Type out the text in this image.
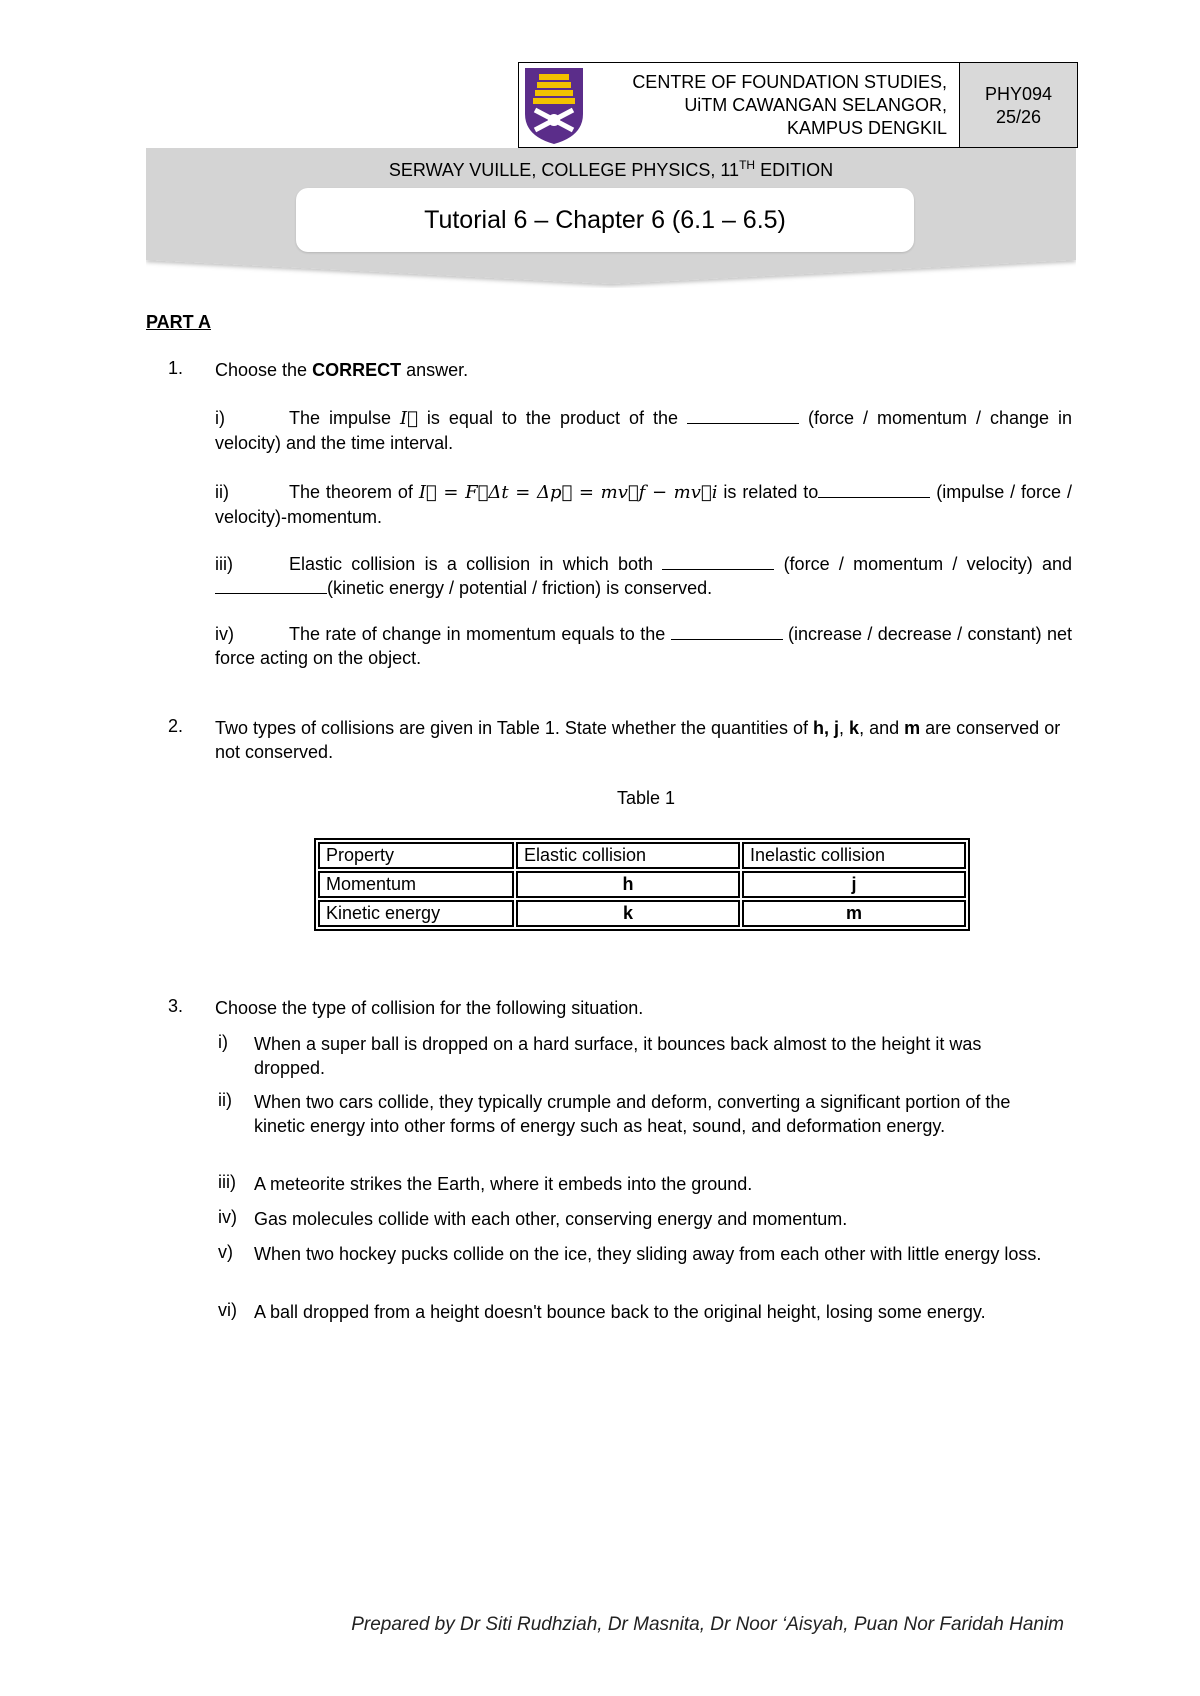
CENTRE OF FOUNDATION STUDIES,
UiTM CAWANGAN SELANGOR,
KAMPUS DENGKIL
PHY094
25/26
SERWAY VUILLE, COLLEGE PHYSICS, 11TH EDITION
Tutorial 6 – Chapter 6 (6.1 – 6.5)
PART A
1. Choose the CORRECT answer.
i)	The impulse I⃗ is equal to the product of the	(force / momentum / change in velocity) and the time interval.
ii)	The theorem of I⃗ = F⃗Δt = Δp⃗ = mv⃗f − mv⃗i is related to	(impulse / force / velocity)-momentum.
iii)	Elastic collision is a collision in which both	(force / momentum / velocity) and (kinetic energy / potential / friction) is conserved.
iv)	The rate of change in momentum equals to the	(increase / decrease / constant) net force acting on the object.
2. Two types of collisions are given in Table 1. State whether the quantities of h, j, k, and m are conserved or not conserved.
Table 1
Property	Elastic collision	Inelastic collision
Momentum	h	j
Kinetic energy	k	m
3. Choose the type of collision for the following situation.
i) When a super ball is dropped on a hard surface, it bounces back almost to the height it was dropped.
ii) When two cars collide, they typically crumple and deform, converting a significant portion of the kinetic energy into other forms of energy such as heat, sound, and deformation energy.
iii) A meteorite strikes the Earth, where it embeds into the ground.
iv) Gas molecules collide with each other, conserving energy and momentum.
v) When two hockey pucks collide on the ice, they sliding away from each other with little energy loss.
vi) A ball dropped from a height doesn't bounce back to the original height, losing some energy.
Prepared by Dr Siti Rudhziah, Dr Masnita, Dr Noor ‘Aisyah, Puan Nor Faridah Hanim
